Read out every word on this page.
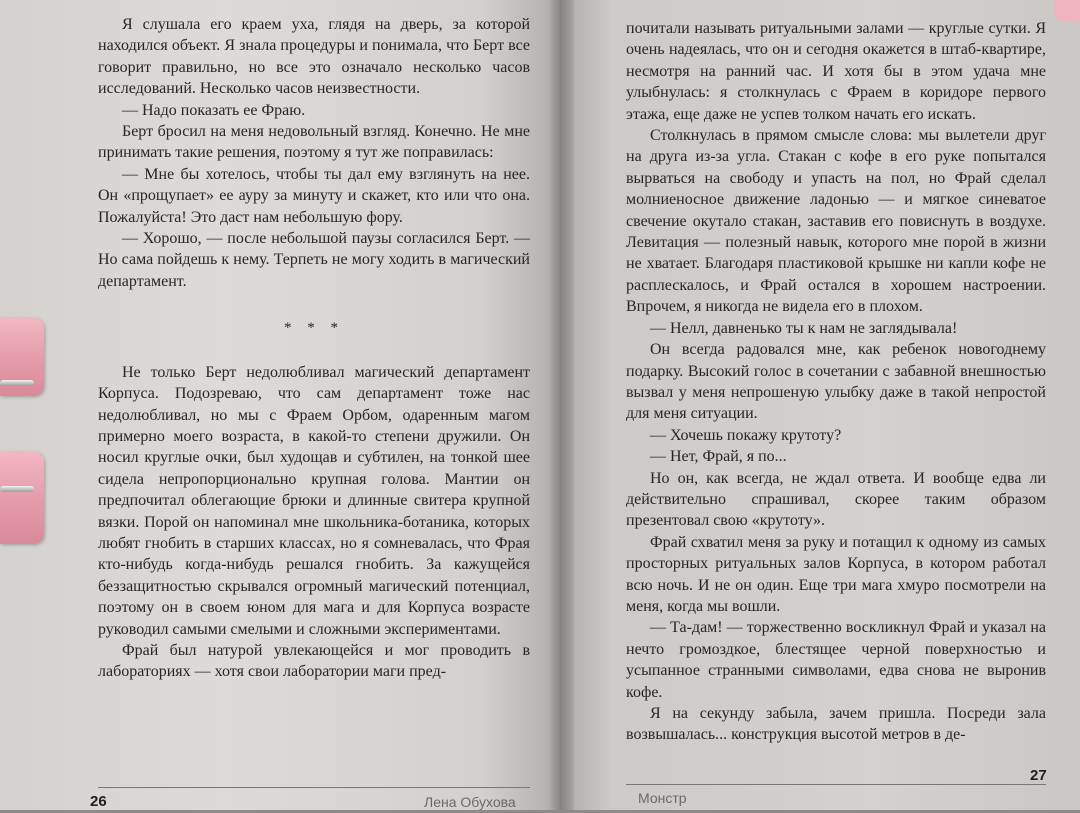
Я слушала его краем уха, глядя на дверь, за которой находился объект. Я знала процедуры и понимала, что Берт все говорит правильно, но все это означало несколько часов исследований. Несколько часов неизвестности.

— Надо показать ее Фраю.

Берт бросил на меня недовольный взгляд. Конечно. Не мне принимать такие решения, поэтому я тут же поправилась:

— Мне бы хотелось, чтобы ты дал ему взглянуть на нее. Он «прощупает» ее ауру за минуту и скажет, кто или что она. Пожалуйста! Это даст нам небольшую фору.

— Хорошо, — после небольшой паузы согласился Берт. — Но сама пойдешь к нему. Терпеть не могу ходить в магический департамент.

* * *

Не только Берт недолюбливал магический департамент Корпуса. Подозреваю, что сам департамент тоже нас недолюбливал, но мы с Фраем Орбом, одаренным магом примерно моего возраста, в какой-то степени дружили. Он носил круглые очки, был худощав и субтилен, на тонкой шее сидела непропорционально крупная голова. Мантии он предпочитал облегающие брюки и длинные свитера крупной вязки. Порой он напоминал мне школьника-ботаника, которых любят гнобить в старших классах, но я сомневалась, что Фрая кто-нибудь когда-нибудь решался гнобить. За кажущейся беззащитностью скрывался огромный магический потенциал, поэтому он в своем юном для мага и для Корпуса возрасте руководил самыми смелыми и сложными экспериментами.

Фрай был натурой увлекающейся и мог проводить в лабораториях — хотя свои лаборатории маги пред-

26	Лена Обухова

почитали называть ритуальными залами — круглые сутки. Я очень надеялась, что он и сегодня окажется в штаб-квартире, несмотря на ранний час. И хотя бы в этом удача мне улыбнулась: я столкнулась с Фраем в коридоре первого этажа, еще даже не успев толком начать его искать.

Столкнулась в прямом смысле слова: мы вылетели друг на друга из-за угла. Стакан с кофе в его руке попытался вырваться на свободу и упасть на пол, но Фрай сделал молниеносное движение ладонью — и мягкое синеватое свечение окутало стакан, заставив его повиснуть в воздухе. Левитация — полезный навык, которого мне порой в жизни не хватает. Благодаря пластиковой крышке ни капли кофе не расплескалось, и Фрай остался в хорошем настроении. Впрочем, я никогда не видела его в плохом.

— Нелл, давненько ты к нам не заглядывала!

Он всегда радовался мне, как ребенок новогоднему подарку. Высокий голос в сочетании с забавной внешностью вызвал у меня непрошеную улыбку даже в такой непростой для меня ситуации.

— Хочешь покажу крутоту?

— Нет, Фрай, я по...

Но он, как всегда, не ждал ответа. И вообще едва ли действительно спрашивал, скорее таким образом презентовал свою «крутоту».

Фрай схватил меня за руку и потащил к одному из самых просторных ритуальных залов Корпуса, в котором работал всю ночь. И не он один. Еще три мага хмуро посмотрели на меня, когда мы вошли.

— Та-дам! — торжественно воскликнул Фрай и указал на нечто громоздкое, блестящее черной поверхностью и усыпанное странными символами, едва снова не выронив кофе.

Я на секунду забыла, зачем пришла. Посреди зала возвышалась... конструкция высотой метров в де-

27
Монстр
